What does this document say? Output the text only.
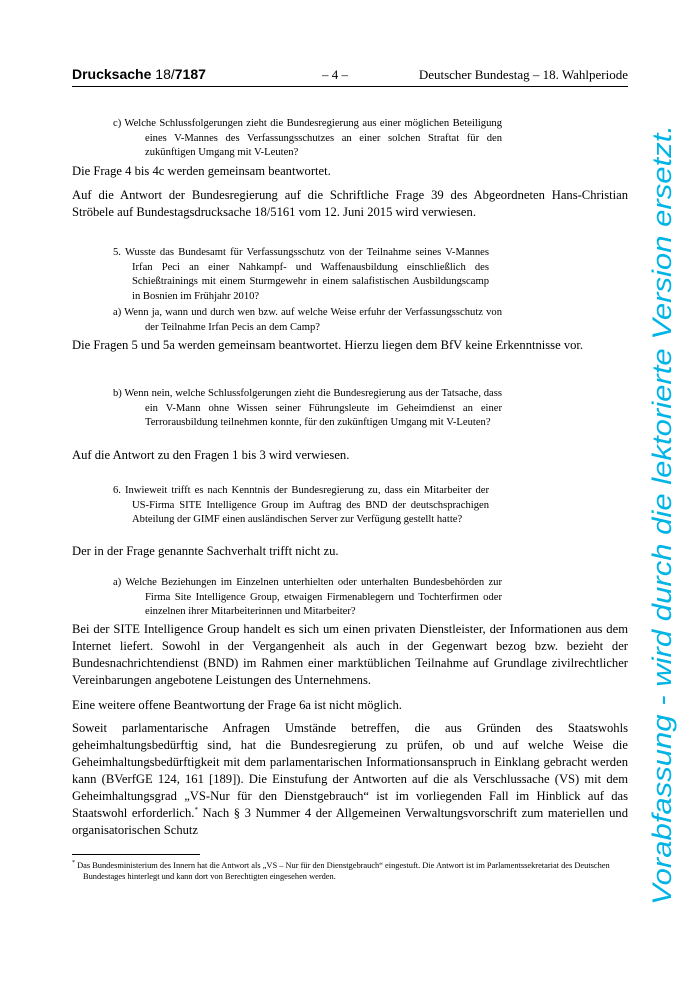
Drucksache 18/7187	– 4 –	Deutscher Bundestag – 18. Wahlperiode

c) Welche Schlussfolgerungen zieht die Bundesregierung aus einer möglichen Beteiligung eines V-Mannes des Verfassungsschutzes an einer solchen Straftat für den zukünftigen Umgang mit V-Leuten?

Die Frage 4 bis 4c werden gemeinsam beantwortet.

Auf die Antwort der Bundesregierung auf die Schriftliche Frage 39 des Abgeordneten Hans-Christian Ströbele auf Bundestagsdrucksache 18/5161 vom 12. Juni 2015 wird verwiesen.

5. Wusste das Bundesamt für Verfassungsschutz von der Teilnahme seines V-Mannes Irfan Peci an einer Nahkampf- und Waffenausbildung einschließlich des Schießtrainings mit einem Sturmgewehr in einem salafistischen Ausbildungscamp in Bosnien im Frühjahr 2010?

a) Wenn ja, wann und durch wen bzw. auf welche Weise erfuhr der Verfassungsschutz von der Teilnahme Irfan Pecis an dem Camp?

Die Fragen 5 und 5a werden gemeinsam beantwortet. Hierzu liegen dem BfV keine Erkenntnisse vor.

b) Wenn nein, welche Schlussfolgerungen zieht die Bundesregierung aus der Tatsache, dass ein V-Mann ohne Wissen seiner Führungsleute im Geheimdienst an einer Terrorausbildung teilnehmen konnte, für den zukünftigen Umgang mit V-Leuten?

Auf die Antwort zu den Fragen 1 bis 3 wird verwiesen.

6. Inwieweit trifft es nach Kenntnis der Bundesregierung zu, dass ein Mitarbeiter der US-Firma SITE Intelligence Group im Auftrag des BND der deutschsprachigen Abteilung der GIMF einen ausländischen Server zur Verfügung gestellt hatte?

Der in der Frage genannte Sachverhalt trifft nicht zu.

a) Welche Beziehungen im Einzelnen unterhielten oder unterhalten Bundesbehörden zur Firma Site Intelligence Group, etwaigen Firmenablegern und Tochterfirmen oder einzelnen ihrer Mitarbeiterinnen und Mitarbeiter?

Bei der SITE Intelligence Group handelt es sich um einen privaten Dienstleister, der Informationen aus dem Internet liefert. Sowohl in der Vergangenheit als auch in der Gegenwart bezog bzw. bezieht der Bundesnachrichtendienst (BND) im Rahmen einer marktüblichen Teilnahme auf Grundlage zivilrechtlicher Vereinbarungen angebotene Leistungen des Unternehmens.

Eine weitere offene Beantwortung der Frage 6a ist nicht möglich.

Soweit parlamentarische Anfragen Umstände betreffen, die aus Gründen des Staatswohls geheimhaltungsbedürftig sind, hat die Bundesregierung zu prüfen, ob und auf welche Weise die Geheimhaltungsbedürftigkeit mit dem parlamentarischen Informationsanspruch in Einklang gebracht werden kann (BVerfGE 124, 161 [189]). Die Einstufung der Antworten auf die als Verschlussache (VS) mit dem Geheimhaltungsgrad „VS-Nur für den Dienstgebrauch“ ist im vorliegenden Fall im Hinblick auf das Staatswohl erforderlich.* Nach § 3 Nummer 4 der Allgemeinen Verwaltungsvorschrift zum materiellen und organisatorischen Schutz

* Das Bundesministerium des Innern hat die Antwort als „VS – Nur für den Dienstgebrauch“ eingestuft. Die Antwort ist im Parlamentssekretariat des Deutschen Bundestages hinterlegt und kann dort von Berechtigten eingesehen werden.	Vorabfassung - wird durch die lektorierte Version ersetzt.
